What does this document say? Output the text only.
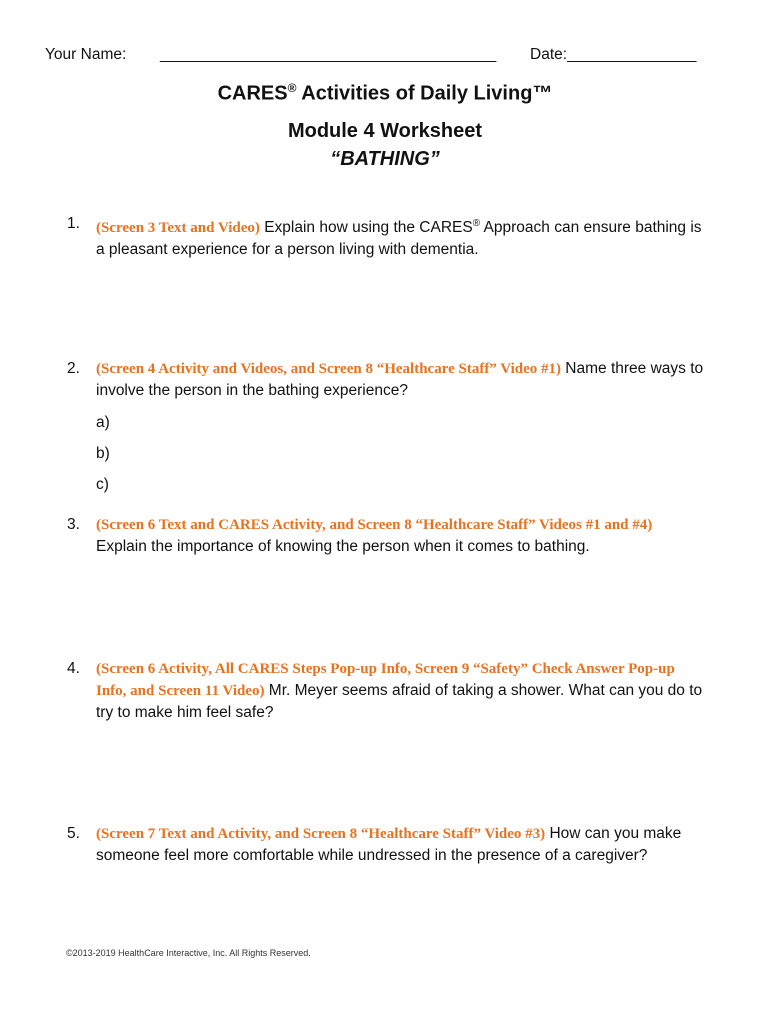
Your Name: _______________________________________ Date:_______________
CARES® Activities of Daily Living™
Module 4 Worksheet
“BATHING”
1. (Screen 3 Text and Video) Explain how using the CARES® Approach can ensure bathing is a pleasant experience for a person living with dementia.
2. (Screen 4 Activity and Videos, and Screen 8 “Healthcare Staff” Video #1) Name three ways to involve the person in the bathing experience?
a)
b)
c)
3. (Screen 6 Text and CARES Activity, and Screen 8 “Healthcare Staff” Videos #1 and #4) Explain the importance of knowing the person when it comes to bathing.
4. (Screen 6 Activity, All CARES Steps Pop-up Info, Screen 9 “Safety” Check Answer Pop-up Info, and Screen 11 Video) Mr. Meyer seems afraid of taking a shower. What can you do to try to make him feel safe?
5. (Screen 7 Text and Activity, and Screen 8 “Healthcare Staff” Video #3) How can you make someone feel more comfortable while undressed in the presence of a caregiver?
©2013-2019 HealthCare Interactive, Inc. All Rights Reserved.
